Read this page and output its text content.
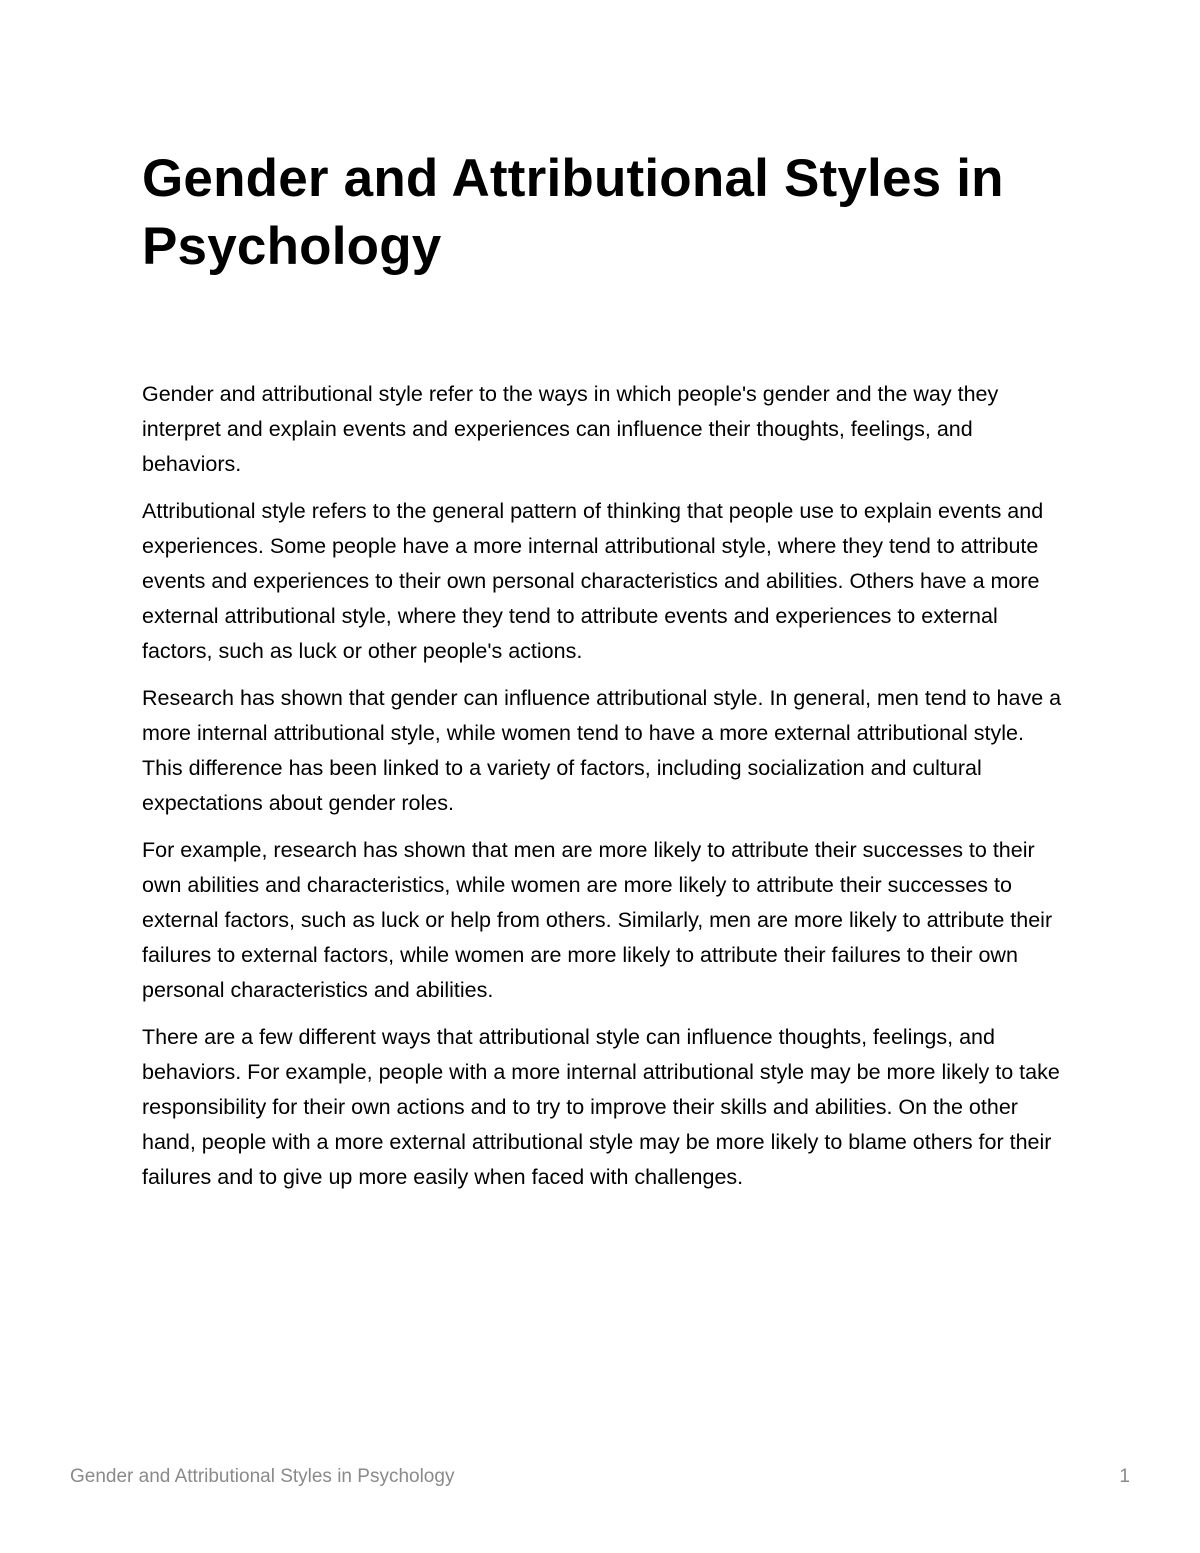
Gender and Attributional Styles in Psychology

Gender and attributional style refer to the ways in which people's gender and the way they interpret and explain events and experiences can influence their thoughts, feelings, and behaviors.

Attributional style refers to the general pattern of thinking that people use to explain events and experiences. Some people have a more internal attributional style, where they tend to attribute events and experiences to their own personal characteristics and abilities. Others have a more external attributional style, where they tend to attribute events and experiences to external factors, such as luck or other people's actions.

Research has shown that gender can influence attributional style. In general, men tend to have a more internal attributional style, while women tend to have a more external attributional style. This difference has been linked to a variety of factors, including socialization and cultural expectations about gender roles.

For example, research has shown that men are more likely to attribute their successes to their own abilities and characteristics, while women are more likely to attribute their successes to external factors, such as luck or help from others. Similarly, men are more likely to attribute their failures to external factors, while women are more likely to attribute their failures to their own personal characteristics and abilities.

There are a few different ways that attributional style can influence thoughts, feelings, and behaviors. For example, people with a more internal attributional style may be more likely to take responsibility for their own actions and to try to improve their skills and abilities. On the other hand, people with a more external attributional style may be more likely to blame others for their failures and to give up more easily when faced with challenges.

Gender and Attributional Styles in Psychology	1
